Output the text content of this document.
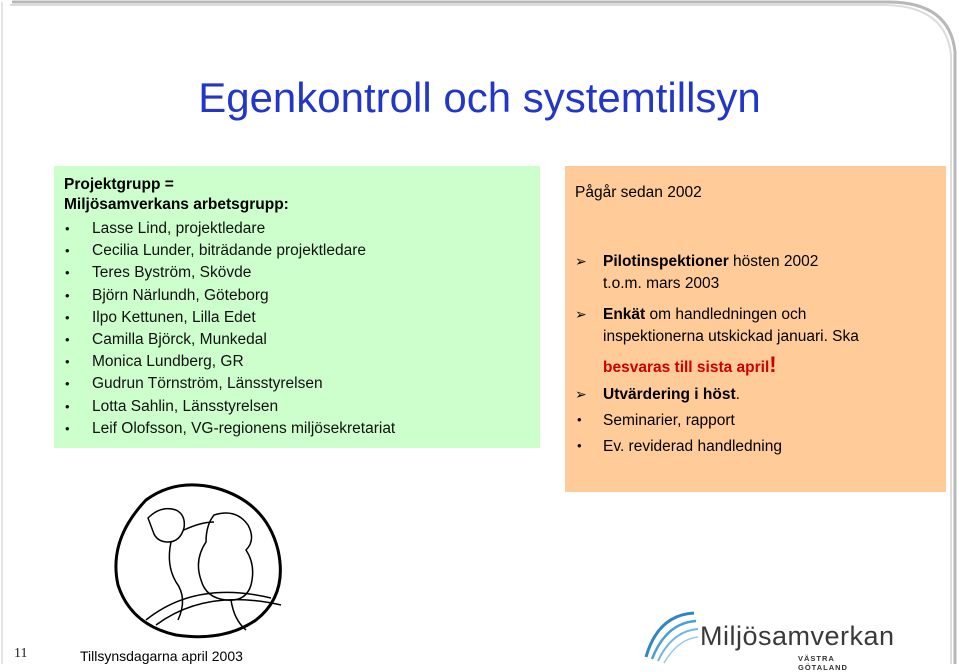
Egenkontroll och systemtillsyn
Projektgrupp =
Miljösamverkans arbetsgrupp:
• Lasse Lind, projektledare
• Cecilia Lunder, biträdande projektledare
• Teres Byström, Skövde
• Björn Närlundh, Göteborg
• Ilpo Kettunen, Lilla Edet
• Camilla Björck, Munkedal
• Monica Lundberg, GR
• Gudrun Törnström, Länsstyrelsen
• Lotta Sahlin, Länsstyrelsen
• Leif Olofsson, VG-regionens miljösekretariat
Pågår sedan 2002
➢ Pilotinspektioner hösten 2002
t.o.m. mars 2003
➢ Enkät om handledningen och
inspektionerna utskickad januari. Ska
besvaras till sista april!
➢ Utvärdering i höst.
• Seminarier, rapport
• Ev. reviderad handledning
11	Tillsynsdagarna april 2003
Miljösamverkan
VÄSTRA GÖTALAND
